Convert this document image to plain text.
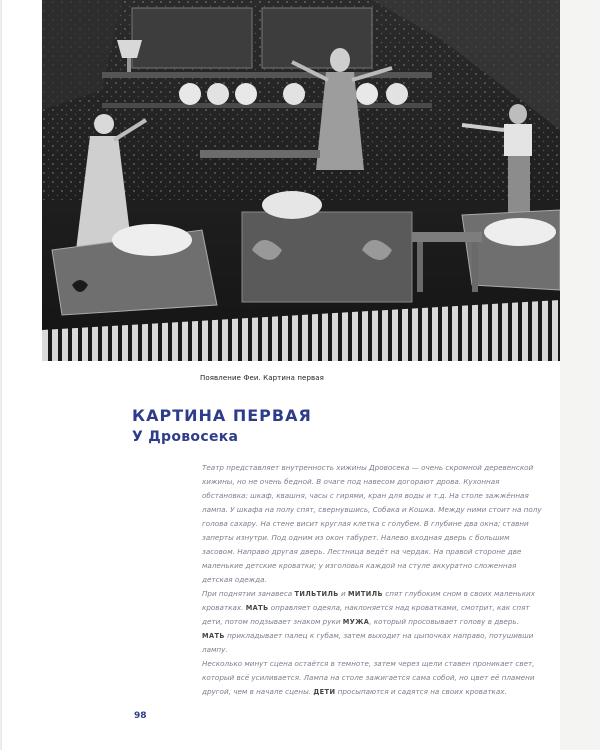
Появление Феи. Картина первая
КАРТИНА ПЕРВАЯ
У Дровосека

Театр представляет внутренность хижины Дровосека — очень скромной деревенской хижины, но не очень бедной. В очаге под навесом догорают дрова. Кухонная обстановка: шкаф, квашня, часы с гирями, кран для воды и т.д. На столе зажжённая лампа. У шкафа на полу спят, свернувшись, Собака и Кошка. Между ними стоит на полу голова сахару. На стене висит круглая клетка с голубем. В глубине два окна; ставни заперты изнутри. Под одним из окон табурет. Налево входная дверь с большим засовом. Направо другая дверь. Лестница ведёт на чердак. На правой стороне две маленькие детские кроватки; у изголовья каждой на стуле аккуратно сложенная детская одежда.

При поднятии занавеса ТИЛЬТИЛЬ и МИТИЛЬ спят глубоким сном в своих маленьких кроватках. МАТЬ оправляет одеяла, наклоняется над кроватками, смотрит, как спят дети, потом подзывает знаком руки МУЖА, который просовывает голову в дверь. МАТЬ прикладывает палец к губам, затем выходит на цыпочках направо, потушивши лампу.

Несколько минут сцена остаётся в темноте, затем через щели ставен проникает свет, который всё усиливается. Лампа на столе зажигается сама собой, но цвет её пламени другой, чем в начале сцены. ДЕТИ просыпаются и садятся на своих кроватках.

98
